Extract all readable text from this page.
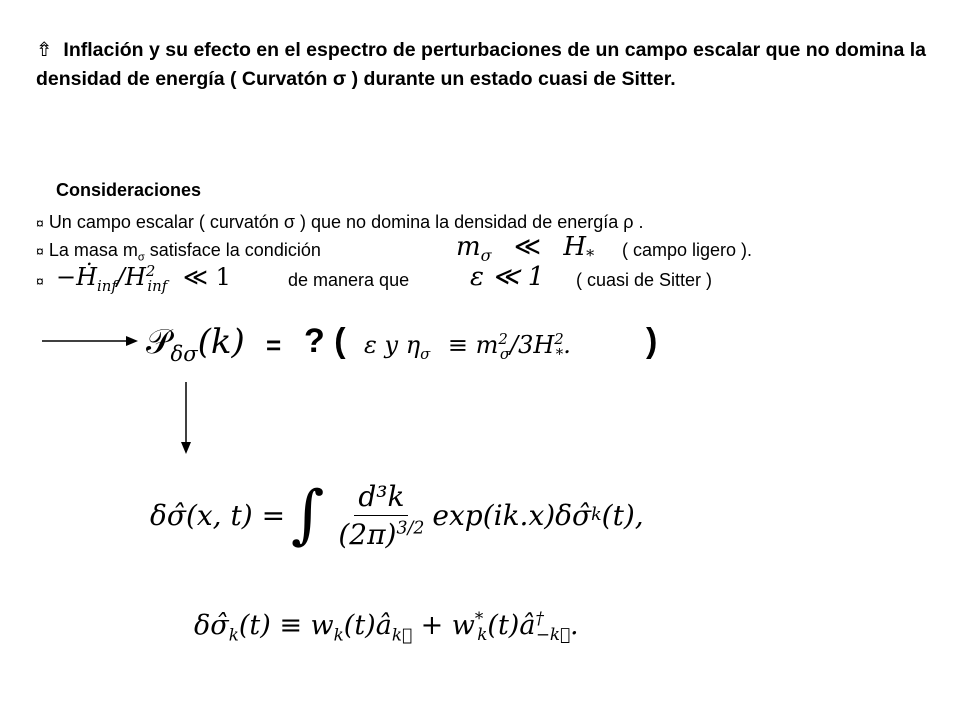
⇮ Inflación y su efecto en el espectro de perturbaciones de un campo escalar que no domina la densidad de energía ( Curvatón σ ) durante un estado cuasi de Sitter.
Consideraciones
¤ Un campo escalar ( curvatón σ ) que no domina la densidad de energía ρ .
¤ La masa $m_\sigma$ satisface la condición	$m_\sigma$ ≪ $H_*$ ( campo ligero ).
¤ $-Ḣ_{inf}/H^2_{inf}$ ≪ 1	de manera que ε ≪ 1 ( cuasi de Sitter )
𝒫$_{\delta\sigma}$(k) = ? ( ε y $\eta_\sigma \equiv m^2_\sigma/3H^2_*$. )
δσ̂(x, t) = ∫ $\frac{\text{d³k}}{(2\pi)^{3/2}}$ exp(ik.x)δσ̂ k (t),
$\delta\sigmâ_k(t)$ ≡ $w_k(t)â_{k⃗}$ + $w^*_k(t)â^\dagger_{-k⃗}$.
